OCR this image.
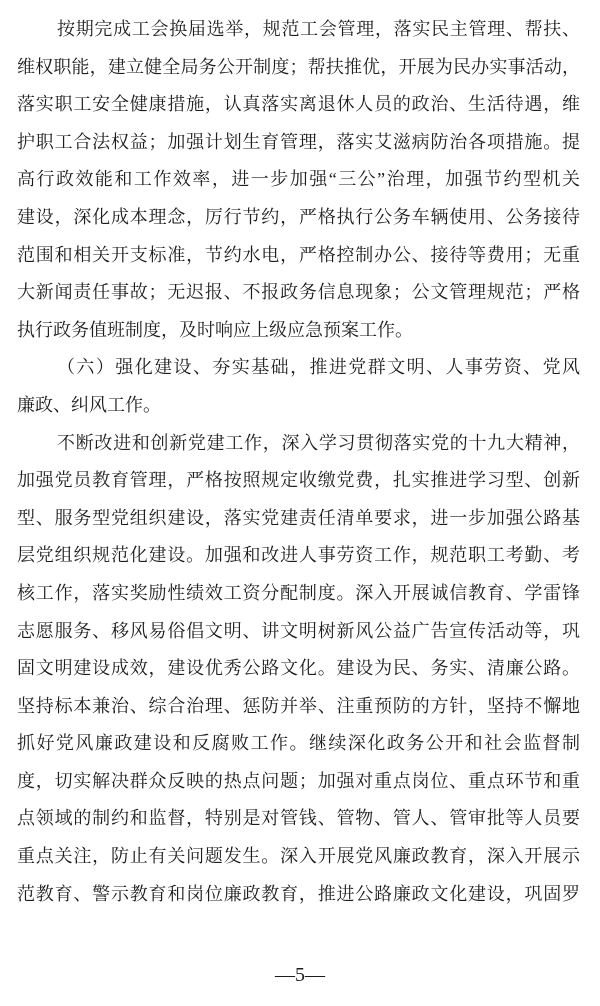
按期完成工会换届选举，规范工会管理，落实民主管理、帮扶、
维权职能，建立健全局务公开制度；帮扶推优，开展为民办实事活动，
落实职工安全健康措施，认真落实离退休人员的政治、生活待遇，维
护职工合法权益；加强计划生育管理，落实艾滋病防治各项措施。提
高行政效能和工作效率，进一步加强“三公”治理，加强节约型机关
建设，深化成本理念，厉行节约，严格执行公务车辆使用、公务接待
范围和相关开支标准，节约水电，严格控制办公、接待等费用；无重
大新闻责任事故；无迟报、不报政务信息现象；公文管理规范；严格
执行政务值班制度，及时响应上级应急预案工作。
（六）强化建设、夯实基础，推进党群文明、人事劳资、党风
廉政、纠风工作。
不断改进和创新党建工作，深入学习贯彻落实党的十九大精神，
加强党员教育管理，严格按照规定收缴党费，扎实推进学习型、创新
型、服务型党组织建设，落实党建责任清单要求，进一步加强公路基
层党组织规范化建设。加强和改进人事劳资工作，规范职工考勤、考
核工作，落实奖励性绩效工资分配制度。深入开展诚信教育、学雷锋
志愿服务、移风易俗倡文明、讲文明树新风公益广告宣传活动等，巩
固文明建设成效，建设优秀公路文化。建设为民、务实、清廉公路。
坚持标本兼治、综合治理、惩防并举、注重预防的方针，坚持不懈地
抓好党风廉政建设和反腐败工作。继续深化政务公开和社会监督制
度，切实解决群众反映的热点问题；加强对重点岗位、重点环节和重
点领域的制约和监督，特别是对管钱、管物、管人、管审批等人员要
重点关注，防止有关问题发生。深入开展党风廉政教育，深入开展示
范教育、警示教育和岗位廉政教育，推进公路廉政文化建设，巩固罗
—5—
